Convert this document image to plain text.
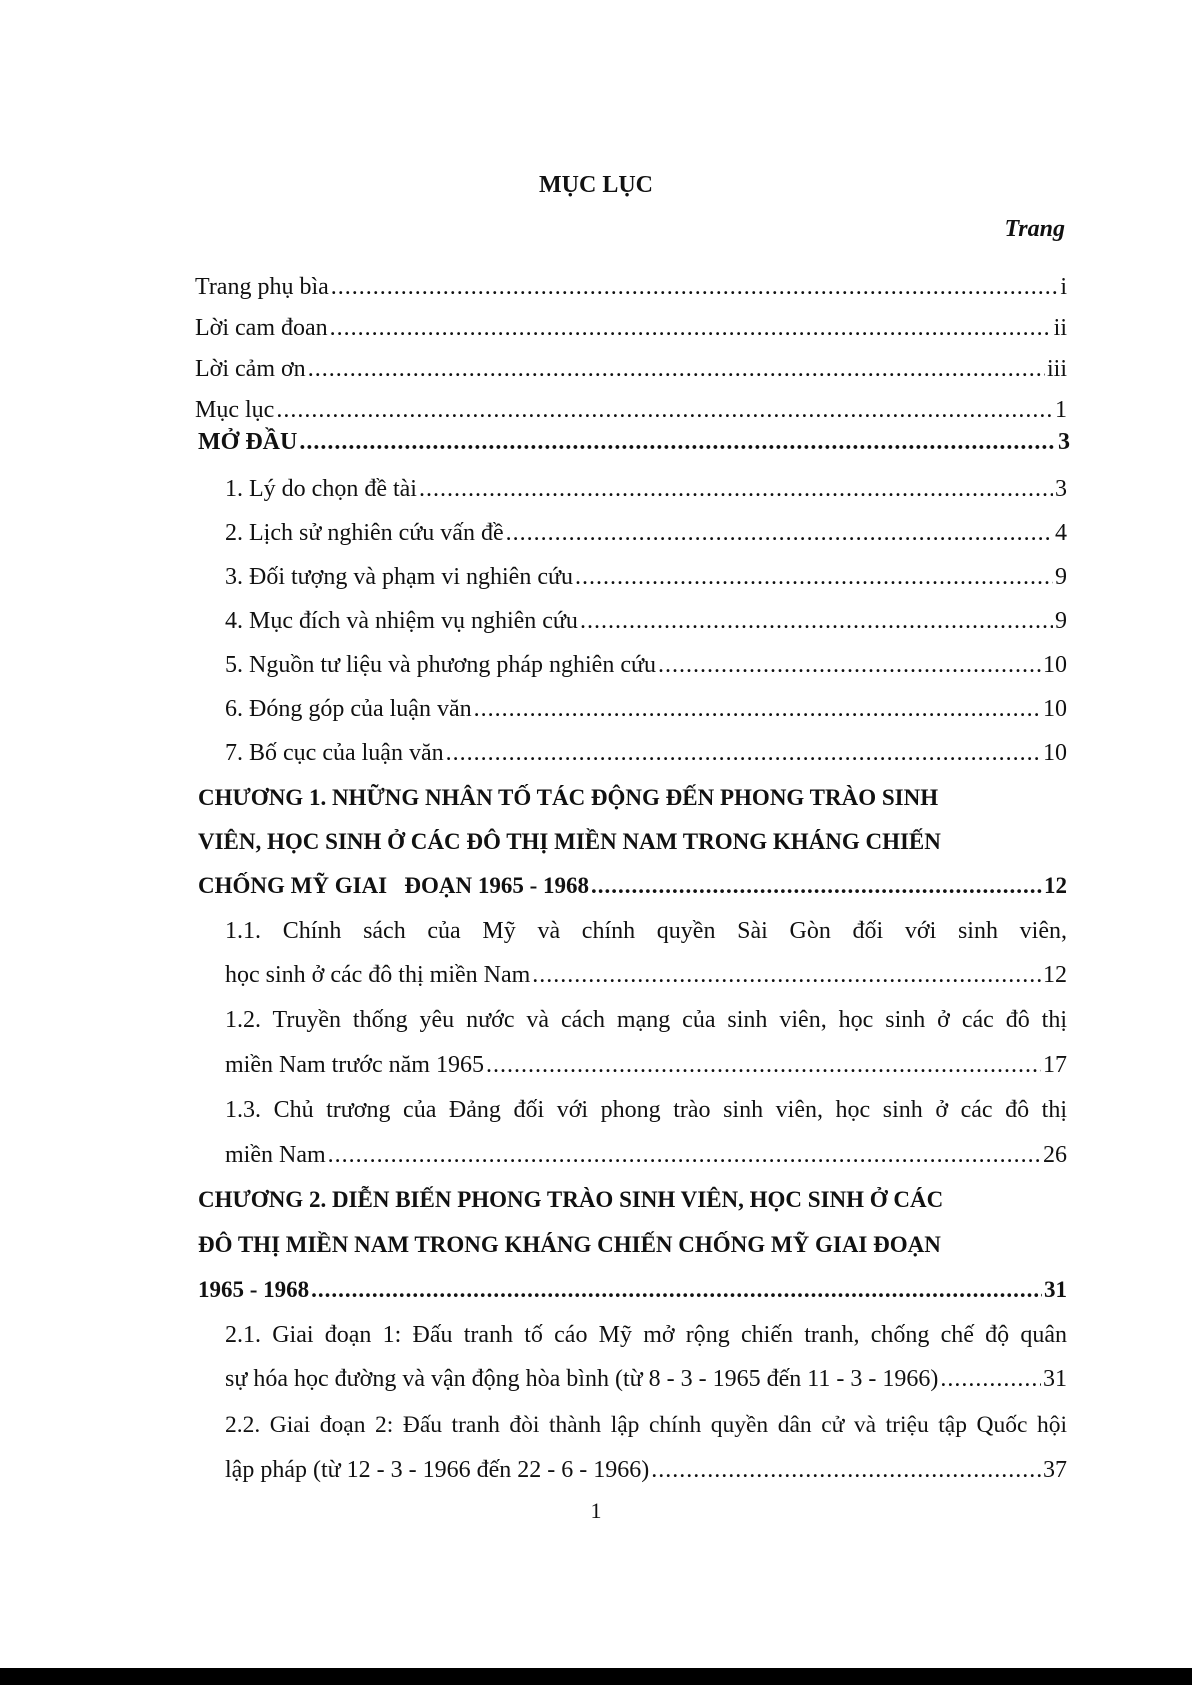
MỤC LỤC
Trang
Trang phụ bìa .....	i
Lời cam đoan .....	ii
Lời cảm ơn .....	iii
Mục lục .....	1
MỞ ĐẦU .....	3
1. Lý do chọn đề tài .....	3
2. Lịch sử nghiên cứu vấn đề .....	4
3. Đối tượng và phạm vi nghiên cứu .....	9
4. Mục đích và nhiệm vụ nghiên cứu .....	9
5. Nguồn tư liệu và phương pháp nghiên cứu .....	10
6. Đóng góp của luận văn .....	10
7. Bố cục của luận văn .....	10
CHƯƠNG 1. NHỮNG NHÂN TỐ TÁC ĐỘNG ĐẾN PHONG TRÀO SINH
VIÊN, HỌC SINH Ở CÁC ĐÔ THỊ MIỀN NAM TRONG KHÁNG CHIẾN
CHỐNG MỸ GIAI   ĐOẠN 1965 - 1968 .....	12
1.1. Chính sách của Mỹ và chính quyền Sài Gòn đối với sinh viên,
học sinh ở các đô thị miền Nam .....	12
1.2. Truyền thống yêu nước và cách mạng của sinh viên, học sinh ở các đô thị
miền Nam trước năm 1965 .....	17
1.3. Chủ trương của Đảng đối với phong trào sinh viên, học sinh ở các đô thị
miền Nam .....	26
CHƯƠNG 2. DIỄN BIẾN PHONG TRÀO SINH VIÊN, HỌC SINH Ở CÁC
ĐÔ THỊ MIỀN NAM TRONG KHÁNG CHIẾN CHỐNG MỸ GIAI ĐOẠN
1965 - 1968 .....	31
2.1. Giai đoạn 1: Đấu tranh tố cáo Mỹ mở rộng chiến tranh, chống chế độ quân
sự hóa học đường và vận động hòa bình (từ 8 - 3 - 1965 đến 11 - 3 - 1966) .....	31
2.2. Giai đoạn 2: Đấu tranh đòi thành lập chính quyền dân cử và triệu tập Quốc hội
lập pháp (từ 12 - 3 - 1966 đến 22 - 6 - 1966) .....	37
1
